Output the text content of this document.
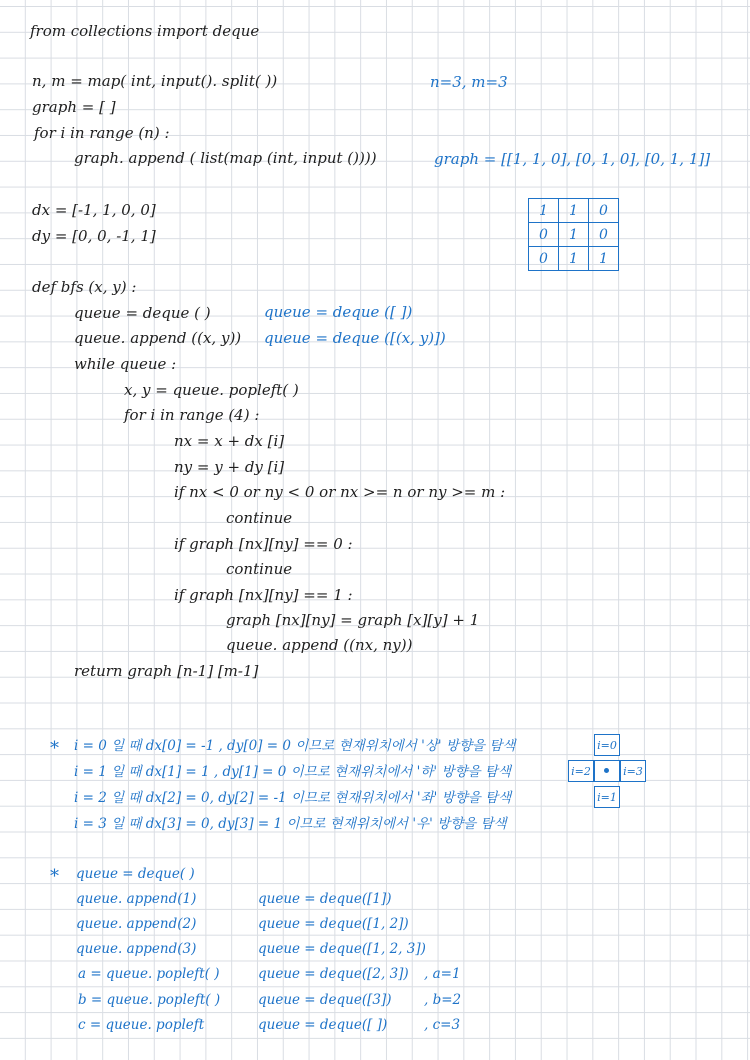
from collections import deque
n, m = map( int, input(). split( ))
graph = [ ]
for i in range (n) :
graph. append ( list(map (int, input ())))
dx = [-1, 1, 0, 0]
dy = [0, 0, -1, 1]
def bfs (x, y) :
queue = deque ( )
queue. append ((x, y))
while queue :
x, y = queue. popleft( )
for i in range (4) :
nx = x + dx [i]
ny = y + dy [i]
if nx < 0 or ny < 0 or nx >= n or ny >= m :
continue
if graph [nx][ny] == 0 :
continue
if graph [nx][ny] == 1 :
graph [nx][ny] = graph [x][y] + 1
queue. append ((nx, ny))
return graph [n-1] [m-1]
n=3, m=3
graph = [[1, 1, 0], [0, 1, 0], [0, 1, 1]]
queue = deque ([ ])
queue = deque ([(x, y)])
1	1	0
0	1	0
0	1	1
* i = 0 일 때 dx[0] = -1 , dy[0] = 0 이므로 현재위치에서 '상' 방향을 탐색
i = 1 일 때 dx[1] = 1 , dy[1] = 0 이므로 현재위치에서 '하' 방향을 탐색
i = 2 일 때 dx[2] = 0, dy[2] = -1 이므로 현재위치에서 '좌' 방향을 탐색
i = 3 일 때 dx[3] = 0, dy[3] = 1 이므로 현재위치에서 '우' 방향을 탐색
i=0
i=2	i=3
i=1
* queue = deque( )
queue. append(1)	queue = deque([1])
queue. append(2)	queue = deque([1, 2])
queue. append(3)	queue = deque([1, 2, 3])
a = queue. popleft( )	queue = deque([2, 3]) , a=1
b = queue. popleft( )	queue = deque([3]) , b=2
c = queue. popleft	queue = deque([ ])	, c=3
